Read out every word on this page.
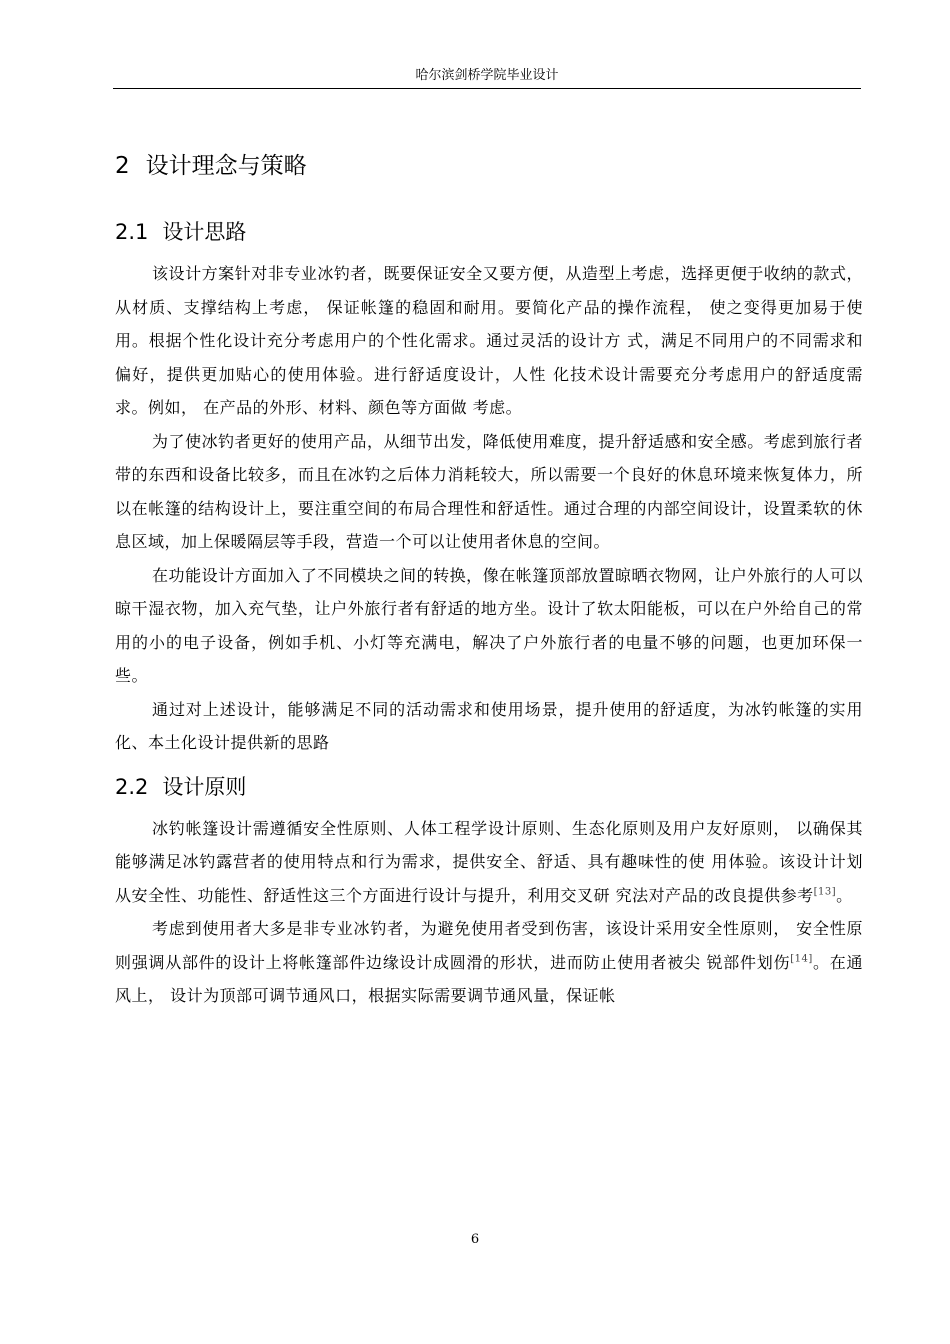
哈尔滨剑桥学院毕业设计
2 设计理念与策略
2.1 设计思路

该设计方案针对非专业冰钓者，既要保证安全又要方便，从造型上考虑，选择更便于收纳的款式，从材质、支撑结构上考虑， 保证帐篷的稳固和耐用。要简化产品的操作流程， 使之变得更加易于使用。根据个性化设计充分考虑用户的个性化需求。通过灵活的设计方 式，满足不同用户的不同需求和偏好，提供更加贴心的使用体验。进行舒适度设计，人性 化技术设计需要充分考虑用户的舒适度需求。例如， 在产品的外形、材料、颜色等方面做 考虑。

为了使冰钓者更好的使用产品，从细节出发，降低使用难度，提升舒适感和安全感。考虑到旅行者带的东西和设备比较多，而且在冰钓之后体力消耗较大，所以需要一个良好的休息环境来恢复体力，所以在帐篷的结构设计上，要注重空间的布局合理性和舒适性。通过合理的内部空间设计，设置柔软的休息区域，加上保暖隔层等手段，营造一个可以让使用者休息的空间。

在功能设计方面加入了不同模块之间的转换，像在帐篷顶部放置晾晒衣物网，让户外旅行的人可以晾干湿衣物，加入充气垫，让户外旅行者有舒适的地方坐。设计了软太阳能板，可以在户外给自己的常用的小的电子设备，例如手机、小灯等充满电，解决了户外旅行者的电量不够的问题，也更加环保一些。

通过对上述设计，能够满足不同的活动需求和使用场景，提升使用的舒适度，为冰钓帐篷的实用化、本土化设计提供新的思路

2.2 设计原则

冰钓帐篷设计需遵循安全性原则、人体工程学设计原则、生态化原则及用户友好原则， 以确保其能够满足冰钓露营者的使用特点和行为需求，提供安全、舒适、具有趣味性的使 用体验。该设计计划从安全性、功能性、舒适性这三个方面进行设计与提升，利用交叉研 究法对产品的改良提供参考[13]。

考虑到使用者大多是非专业冰钓者，为避免使用者受到伤害，该设计采用安全性原则， 安全性原则强调从部件的设计上将帐篷部件边缘设计成圆滑的形状，进而防止使用者被尖 锐部件划伤[14]。在通风上， 设计为顶部可调节通风口，根据实际需要调节通风量，保证帐

6
